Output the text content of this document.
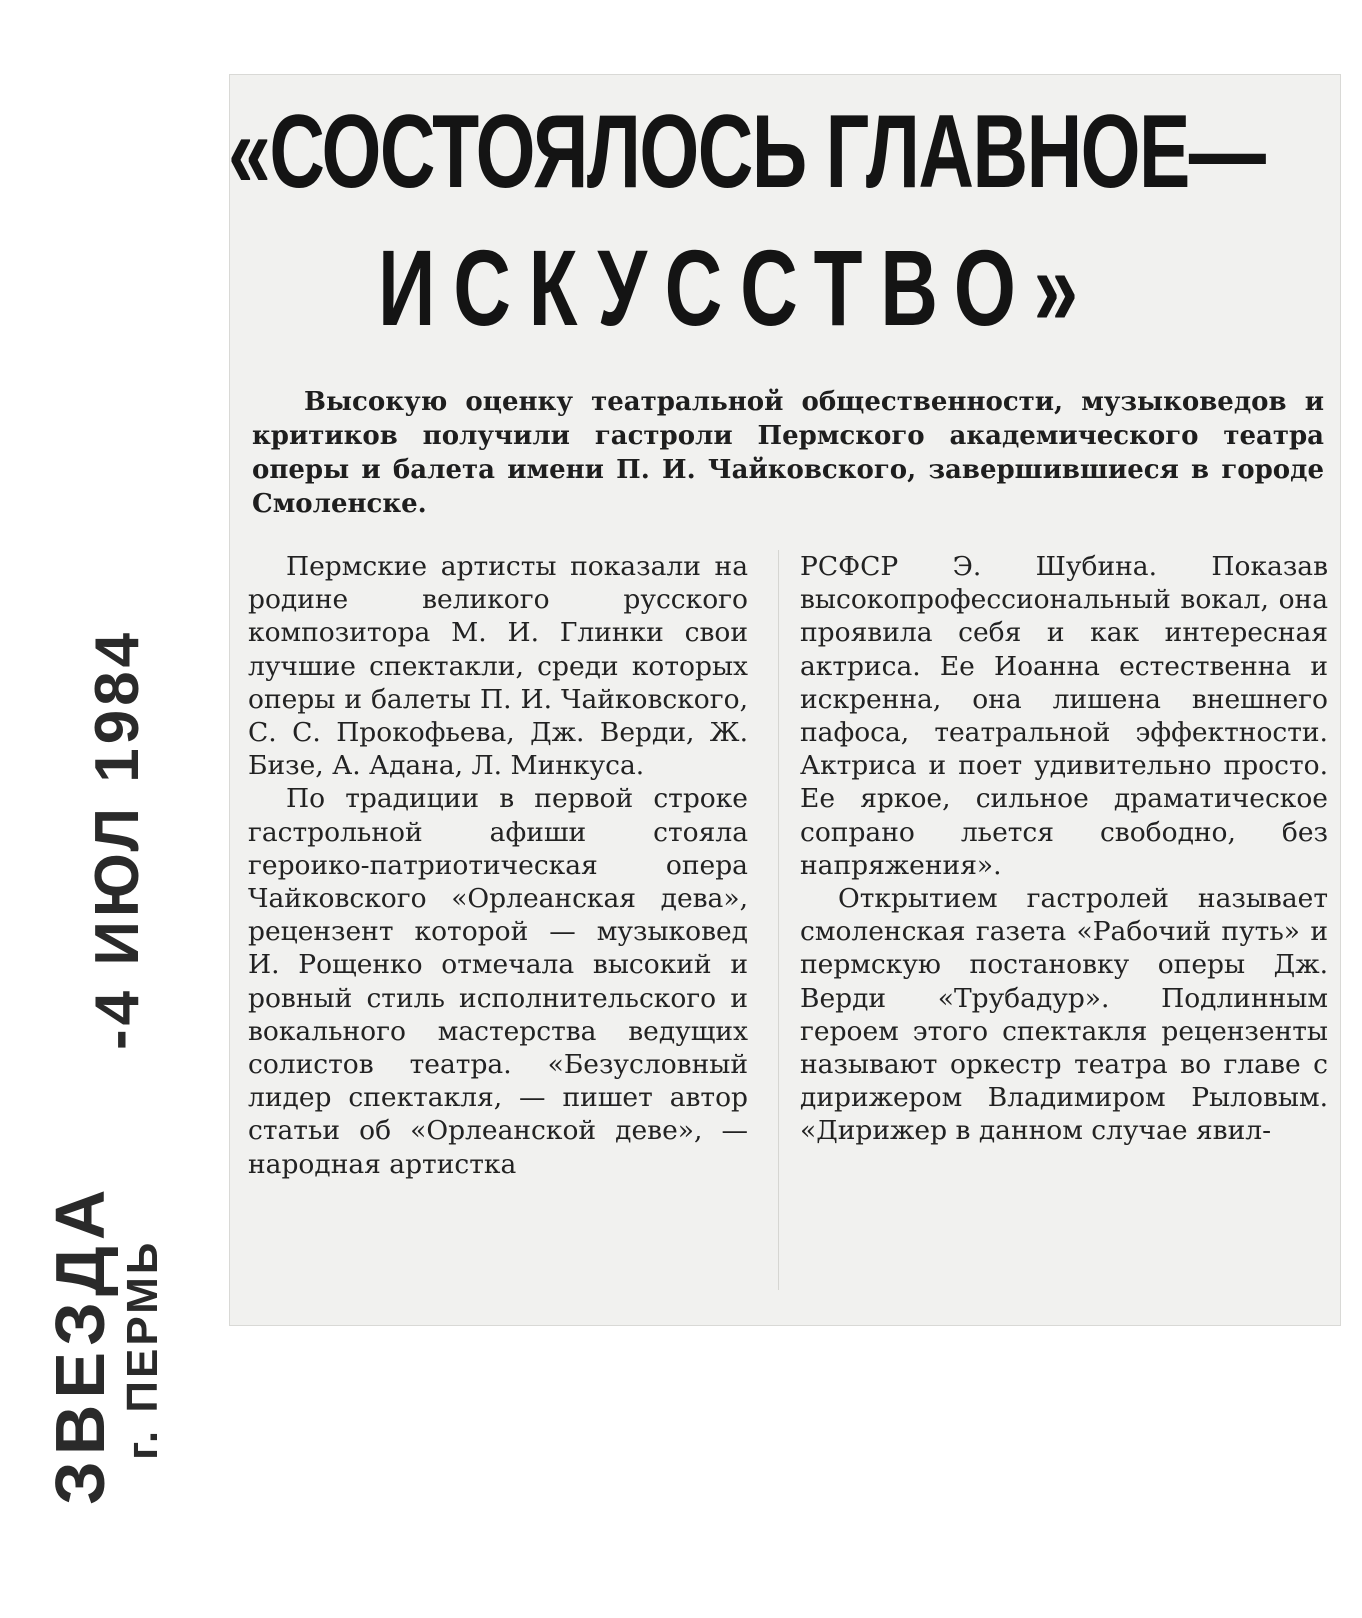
«СОСТОЯЛОСЬ ГЛАВНОЕ—
ИСКУССТВО»

Высокую оценку театральной общественности, музыковедов и критиков получили гастроли Пермского академического театра оперы и балета имени П. И. Чайковского, завершившиеся в городе Смоленске.

Пермские артисты показали на родине великого русского композитора М. И. Глинки свои лучшие спектакли, среди которых оперы и балеты П. И. Чайковского, С. С. Прокофьева, Дж. Верди, Ж. Бизе, А. Адана, Л. Минкуса.

По традиции в первой строке гастрольной афиши стояла героико-патриотическая опера Чайковского «Орлеанская дева», рецензент которой — музыковед И. Рощенко отмечала высокий и ровный стиль исполнительского и вокального мастерства ведущих солистов театра. «Безусловный лидер спектакля, — пишет автор статьи об «Орлеанской деве», — народная артистка

РСФСР Э. Шубина. Показав высокопрофессиональный вокал, она проявила себя и как интересная актриса. Ее Иоанна естественна и искренна, она лишена внешнего пафоса, театральной эффектности. Актриса и поет удивительно просто. Ее яркое, сильное драматическое сопрано льется свободно, без напряжения».

Открытием гастролей называет смоленская газета «Рабочий путь» и пермскую постановку оперы Дж. Верди «Трубадур». Подлинным героем этого спектакля рецензенты называют оркестр театра во главе с дирижером Владимиром Рыловым. «Дирижер в данном случае явил-

-4 ИЮЛ 1984
ЗВЕЗДА г. ПЕРМЬ
